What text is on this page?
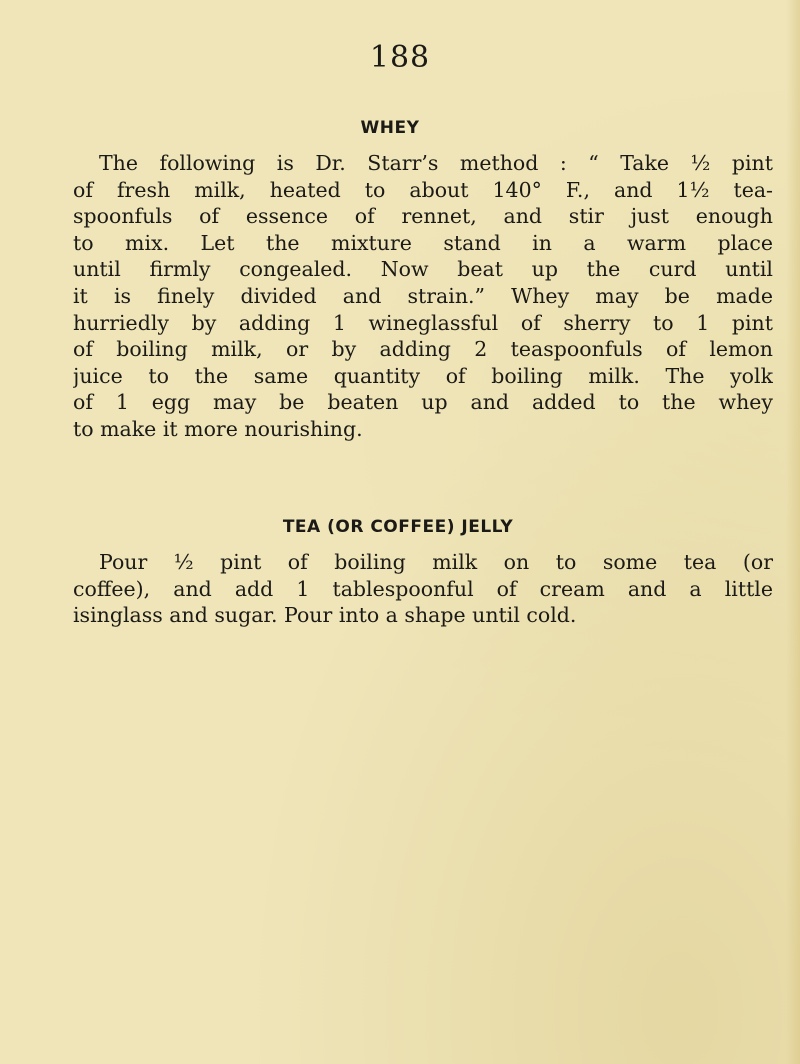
188
WHEY
The following is Dr. Starr’s method : “ Take ½ pint
of fresh milk, heated to about 140° F., and 1½ tea-
spoonfuls of essence of rennet, and stir just enough
to mix. Let the mixture stand in a warm place
until firmly congealed. Now beat up the curd until
it is finely divided and strain.” Whey may be made
hurriedly by adding 1 wineglassful of sherry to 1 pint
of boiling milk, or by adding 2 teaspoonfuls of lemon
juice to the same quantity of boiling milk. The yolk
of 1 egg may be beaten up and added to the whey
to make it more nourishing.
TEA (OR COFFEE) JELLY
Pour ½ pint of boiling milk on to some tea (or
coffee), and add 1 tablespoonful of cream and a little
isinglass and sugar. Pour into a shape until cold.
